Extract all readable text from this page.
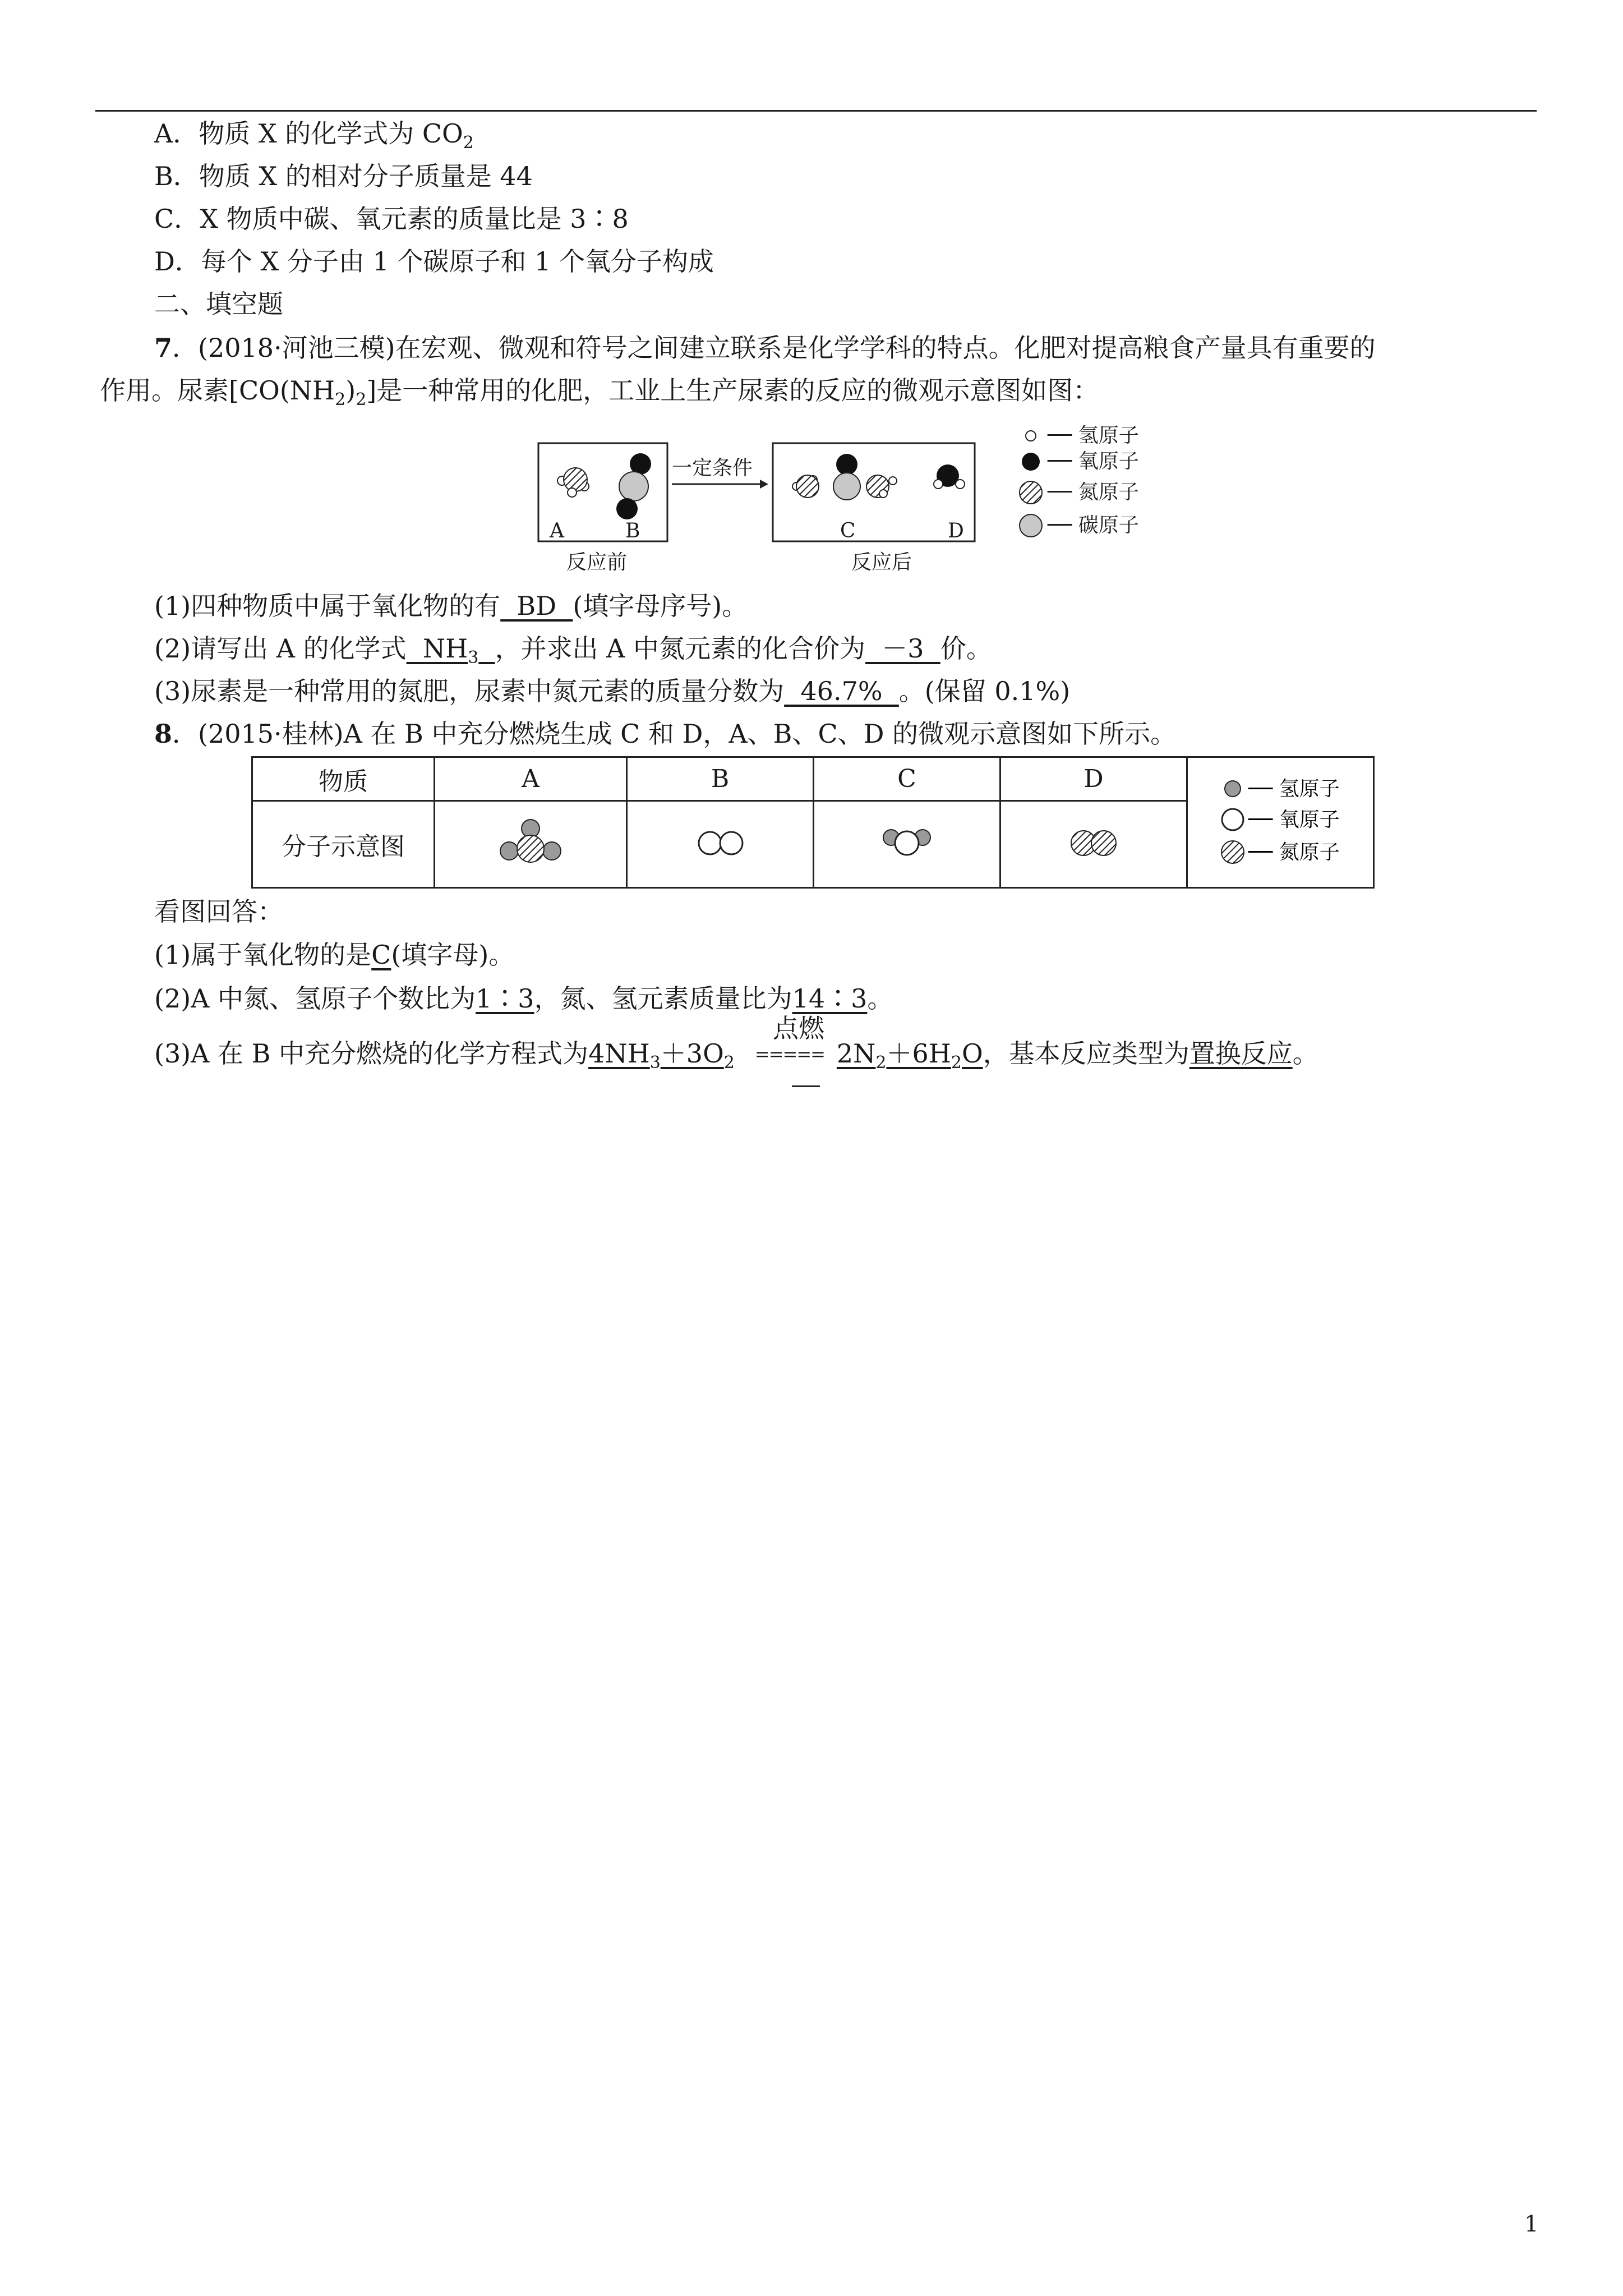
A．物质 X 的化学式为 $CO_2$
B．物质 X 的相对分子质量是 44
C．X 物质中碳、氧元素的质量比是 3∶8
D．每个 X 分子由 1 个碳原子和 1 个氧分子构成
二、填空题
7．(2018·河池三模)在宏观、微观和符号之间建立联系是化学学科的特点。化肥对提高粮食产量具有重要的
作用。尿素$[CO(NH_2)_2]$是一种常用的化肥，工业上生产尿素的反应的微观示意图如图：
一定条件
A	B	C	D
反应前	反应后
── 氢原子
── 氧原子
── 氮原子
── 碳原子
(1)四种物质中属于氧化物的有  BD  (填字母序号)。
(2)请写出 A 的化学式  $NH_3$ ，并求出 A 中氮元素的化合价为  －3  价。
(3)尿素是一种常用的氮肥，尿素中氮元素的质量分数为  46.7%  。(保留 0.1%)
8．(2015·桂林)A 在 B 中充分燃烧生成 C 和 D，A、B、C、D 的微观示意图如下所示。
物质	A	B	C	D	── 氢原子
── 氧原子
── 氮原子

分子示意图				
看图回答：
(1)属于氧化物的是C(填字母)。
(2)A 中氮、氢原子个数比为1∶3，氮、氢元素质量比为14∶3。
点燃
(3)A 在 B 中充分燃烧的化学方程式为$4NH_3+3O_2$ ===== $2N_2+6H_2O$，基本反应类型为置换反应。
1
